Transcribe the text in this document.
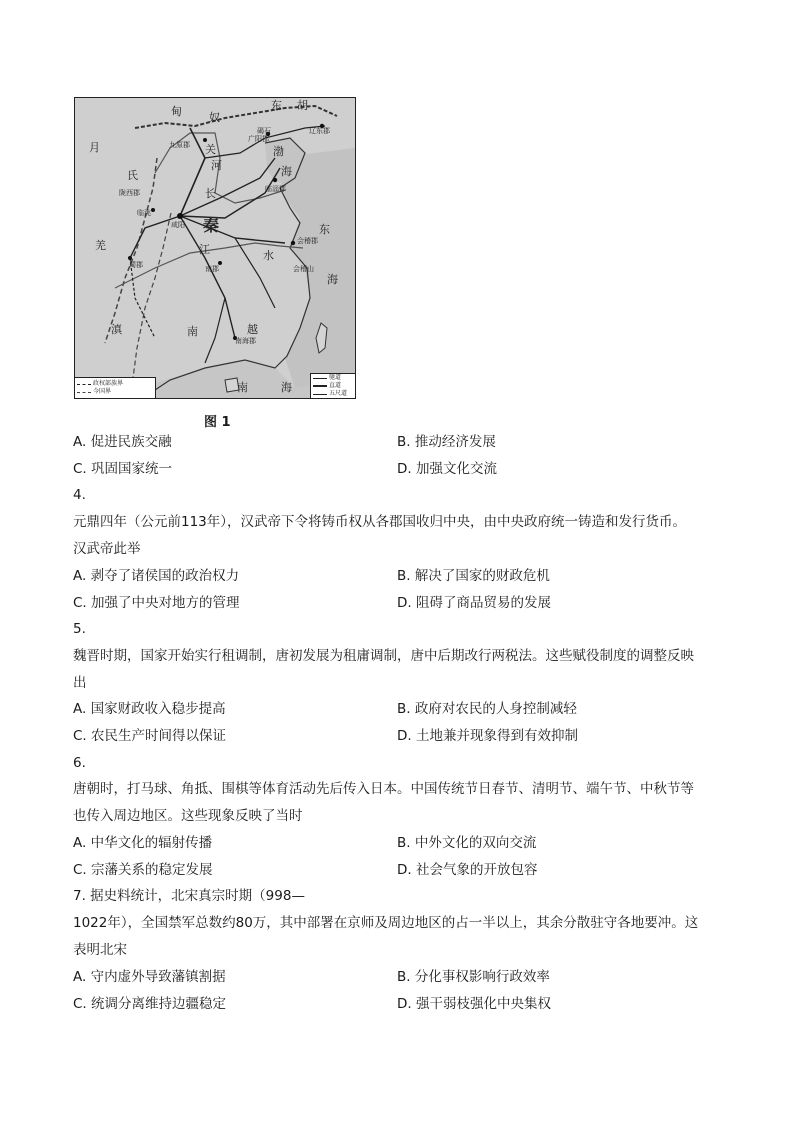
东 胡
甸 奴
月
氏
羌
滇	南	越
南	海
东
海
秦
九原郡
广阳郡
碣石	辽东郡
渤
海
陇西郡
临洮
咸阳
临淄郡
会稽郡
会稽山
南郡
蜀郡
南海郡
江
河
水
长
关
政权部族界
今国界
驰道
直道
五尺道
图 1
A. 促进民族交融	B. 推动经济发展
C. 巩固国家统一	D. 加强文化交流
4.
元鼎四年（公元前113年），汉武帝下令将铸币权从各郡国收归中央，由中央政府统一铸造和发行货币。
汉武帝此举
A. 剥夺了诸侯国的政治权力	B. 解决了国家的财政危机
C. 加强了中央对地方的管理	D. 阻碍了商品贸易的发展
5.
魏晋时期，国家开始实行租调制，唐初发展为租庸调制，唐中后期改行两税法。这些赋役制度的调整反映
出
A. 国家财政收入稳步提高	B. 政府对农民的人身控制减轻
C. 农民生产时间得以保证	D. 土地兼并现象得到有效抑制
6.
唐朝时，打马球、角抵、围棋等体育活动先后传入日本。中国传统节日春节、清明节、端午节、中秋节等
也传入周边地区。这些现象反映了当时
A. 中华文化的辐射传播	B. 中外文化的双向交流
C. 宗藩关系的稳定发展	D. 社会气象的开放包容
7. 据史料统计，北宋真宗时期（998—
1022年），全国禁军总数约80万，其中部署在京师及周边地区的占一半以上，其余分散驻守各地要冲。这
表明北宋
A. 守内虚外导致藩镇割据	B. 分化事权影响行政效率
C. 统调分离维持边疆稳定	D. 强干弱枝强化中央集权
